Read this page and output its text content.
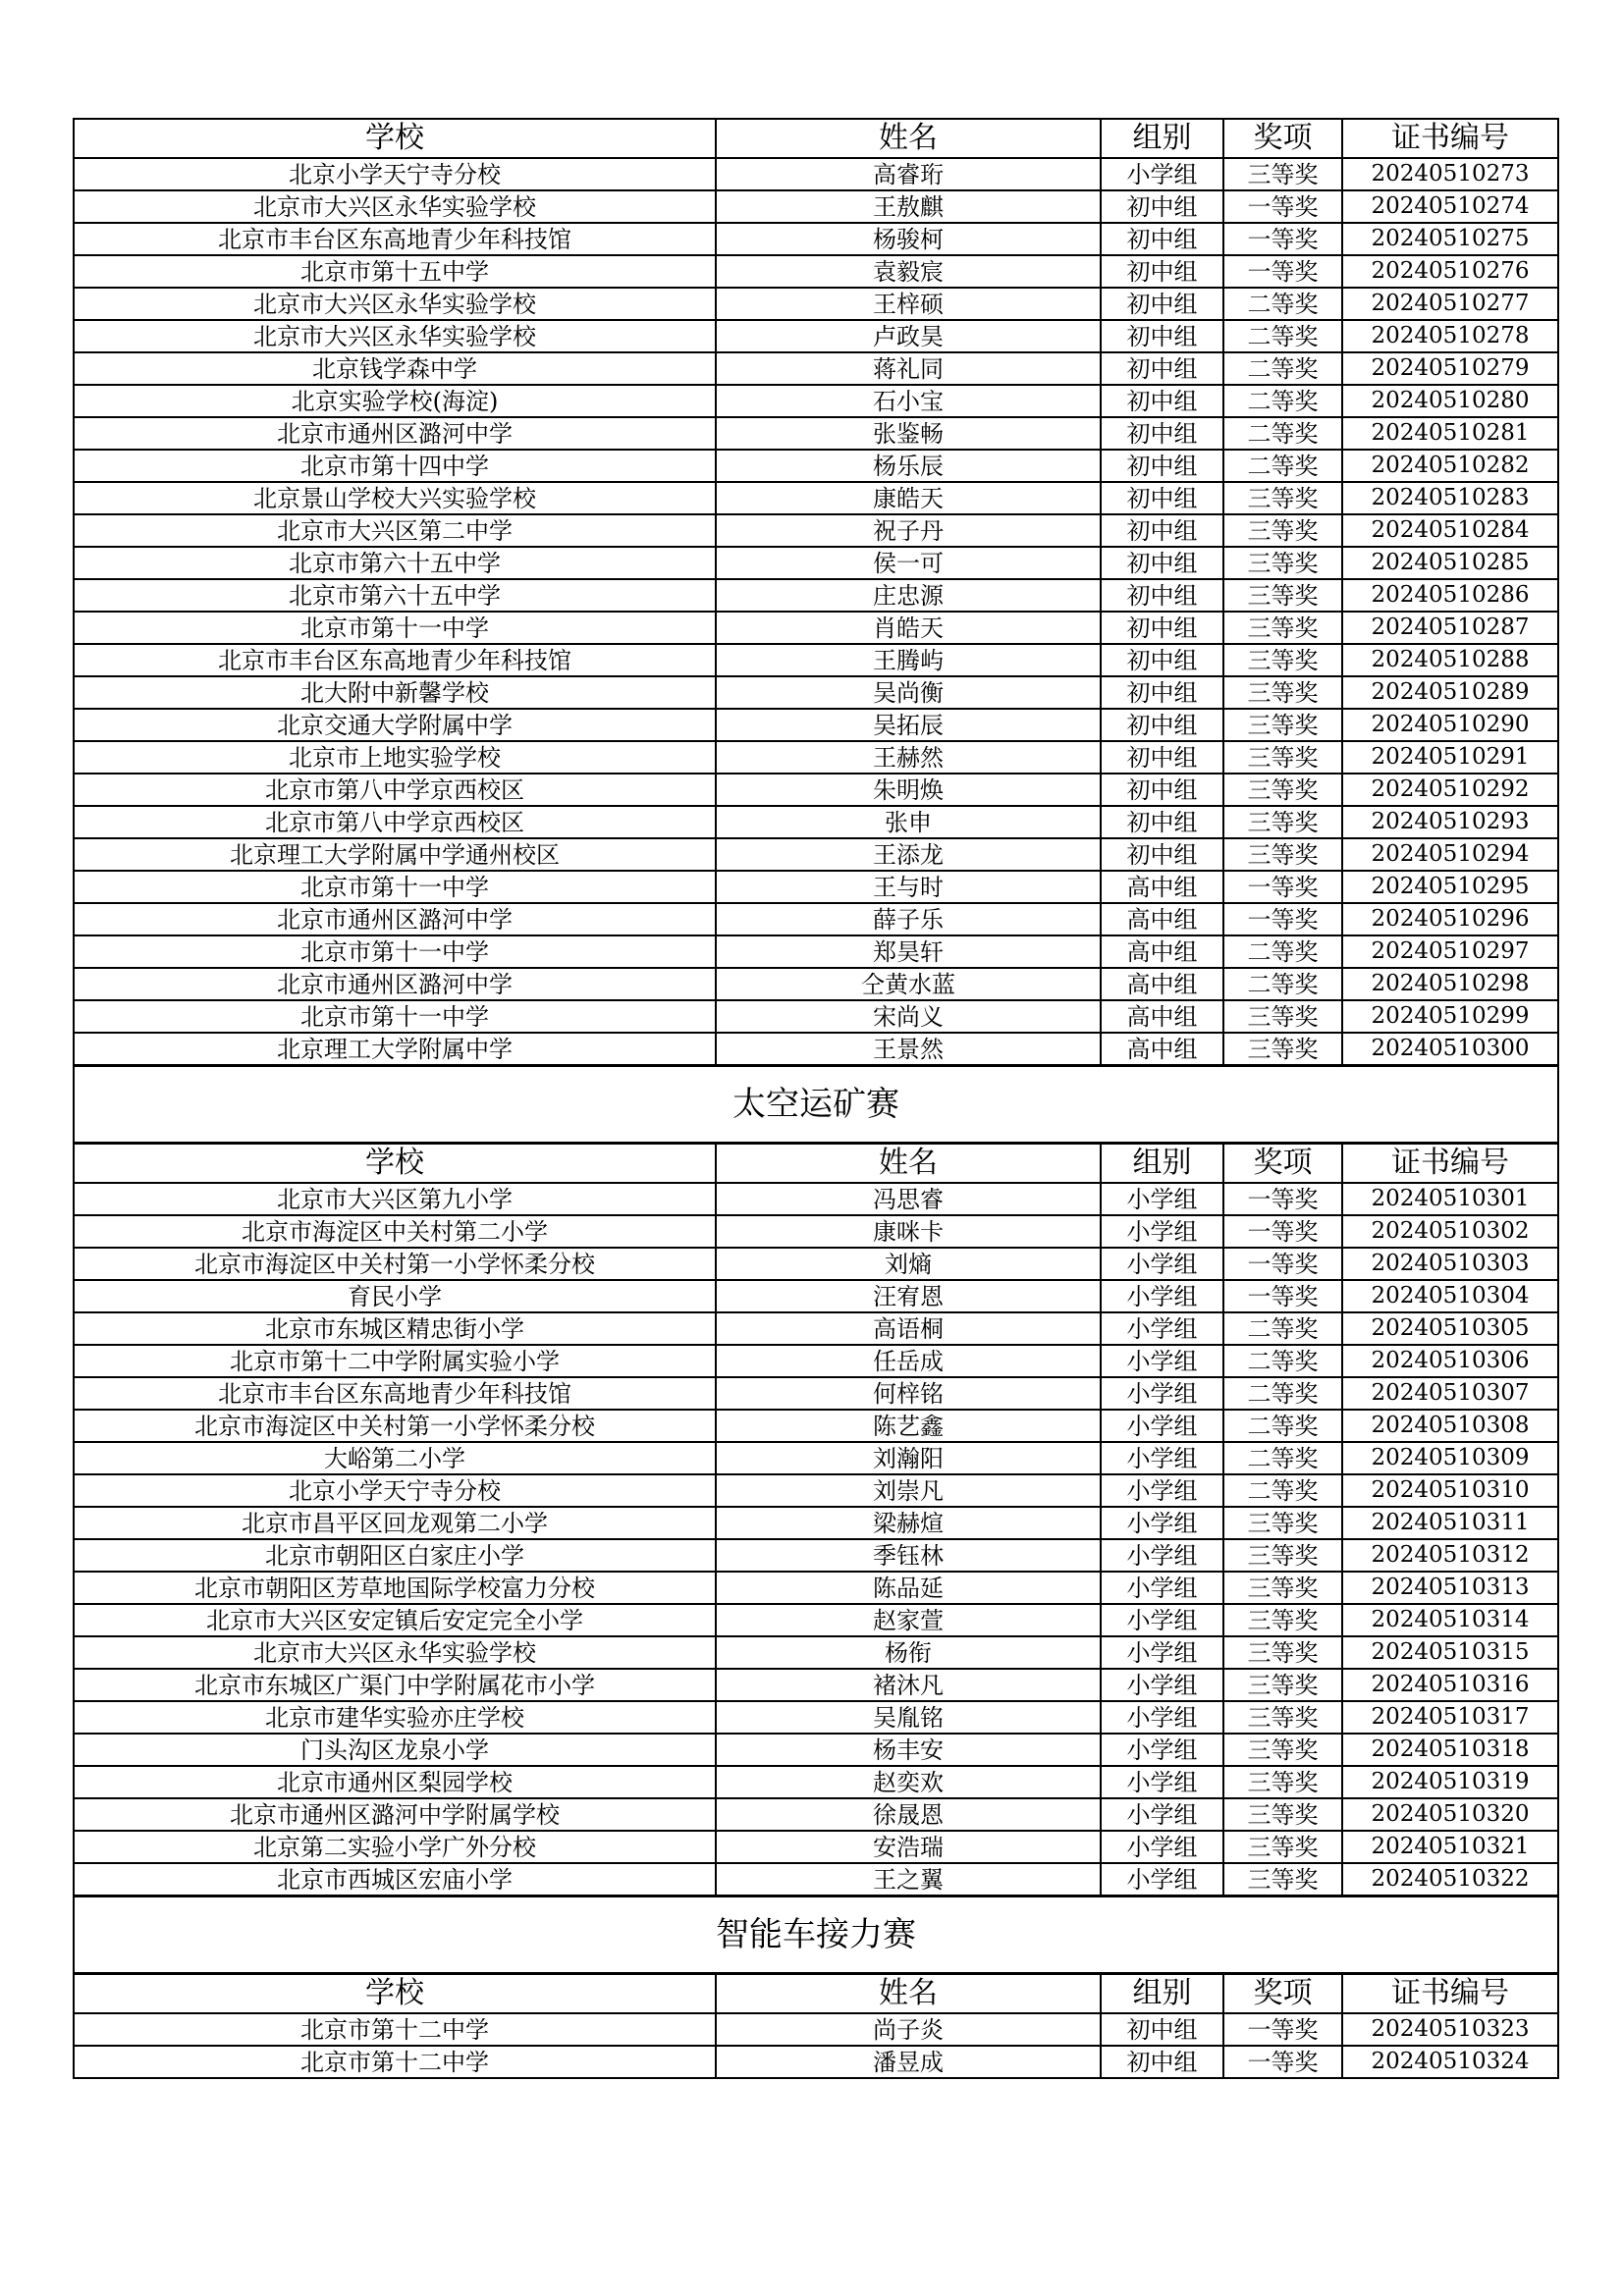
学校	姓名	组别	奖项	证书编号
北京小学天宁寺分校	高睿珩	小学组	三等奖	20240510273
北京市大兴区永华实验学校	王敖麒	初中组	一等奖	20240510274
北京市丰台区东高地青少年科技馆	杨骏柯	初中组	一等奖	20240510275
北京市第十五中学	袁毅宸	初中组	一等奖	20240510276
北京市大兴区永华实验学校	王梓硕	初中组	二等奖	20240510277
北京市大兴区永华实验学校	卢政昊	初中组	二等奖	20240510278
北京钱学森中学	蒋礼同	初中组	二等奖	20240510279
北京实验学校(海淀)	石小宝	初中组	二等奖	20240510280
北京市通州区潞河中学	张鉴畅	初中组	二等奖	20240510281
北京市第十四中学	杨乐辰	初中组	二等奖	20240510282
北京景山学校大兴实验学校	康皓天	初中组	三等奖	20240510283
北京市大兴区第二中学	祝子丹	初中组	三等奖	20240510284
北京市第六十五中学	侯一可	初中组	三等奖	20240510285
北京市第六十五中学	庄忠源	初中组	三等奖	20240510286
北京市第十一中学	肖皓天	初中组	三等奖	20240510287
北京市丰台区东高地青少年科技馆	王腾屿	初中组	三等奖	20240510288
北大附中新馨学校	吴尚衡	初中组	三等奖	20240510289
北京交通大学附属中学	吴拓辰	初中组	三等奖	20240510290
北京市上地实验学校	王赫然	初中组	三等奖	20240510291
北京市第八中学京西校区	朱明焕	初中组	三等奖	20240510292
北京市第八中学京西校区	张申	初中组	三等奖	20240510293
北京理工大学附属中学通州校区	王添龙	初中组	三等奖	20240510294
北京市第十一中学	王与时	高中组	一等奖	20240510295
北京市通州区潞河中学	薛子乐	高中组	一等奖	20240510296
北京市第十一中学	郑昊轩	高中组	二等奖	20240510297
北京市通州区潞河中学	仝黄水蓝	高中组	二等奖	20240510298
北京市第十一中学	宋尚义	高中组	三等奖	20240510299
北京理工大学附属中学	王景然	高中组	三等奖	20240510300
太空运矿赛				
学校	姓名	组别	奖项	证书编号
北京市大兴区第九小学	冯思睿	小学组	一等奖	20240510301
北京市海淀区中关村第二小学	康咪卡	小学组	一等奖	20240510302
北京市海淀区中关村第一小学怀柔分校	刘熵	小学组	一等奖	20240510303
育民小学	汪宥恩	小学组	一等奖	20240510304
北京市东城区精忠街小学	高语桐	小学组	二等奖	20240510305
北京市第十二中学附属实验小学	任岳成	小学组	二等奖	20240510306
北京市丰台区东高地青少年科技馆	何梓铭	小学组	二等奖	20240510307
北京市海淀区中关村第一小学怀柔分校	陈艺鑫	小学组	二等奖	20240510308
大峪第二小学	刘瀚阳	小学组	二等奖	20240510309
北京小学天宁寺分校	刘崇凡	小学组	二等奖	20240510310
北京市昌平区回龙观第二小学	梁赫煊	小学组	三等奖	20240510311
北京市朝阳区白家庄小学	季钰林	小学组	三等奖	20240510312
北京市朝阳区芳草地国际学校富力分校	陈品延	小学组	三等奖	20240510313
北京市大兴区安定镇后安定完全小学	赵家萱	小学组	三等奖	20240510314
北京市大兴区永华实验学校	杨衔	小学组	三等奖	20240510315
北京市东城区广渠门中学附属花市小学	褚沐凡	小学组	三等奖	20240510316
北京市建华实验亦庄学校	吴胤铭	小学组	三等奖	20240510317
门头沟区龙泉小学	杨丰安	小学组	三等奖	20240510318
北京市通州区梨园学校	赵奕欢	小学组	三等奖	20240510319
北京市通州区潞河中学附属学校	徐晟恩	小学组	三等奖	20240510320
北京第二实验小学广外分校	安浩瑞	小学组	三等奖	20240510321
北京市西城区宏庙小学	王之翼	小学组	三等奖	20240510322
智能车接力赛				
学校	姓名	组别	奖项	证书编号
北京市第十二中学	尚子炎	初中组	一等奖	20240510323
北京市第十二中学	潘昱成	初中组	一等奖	20240510324
